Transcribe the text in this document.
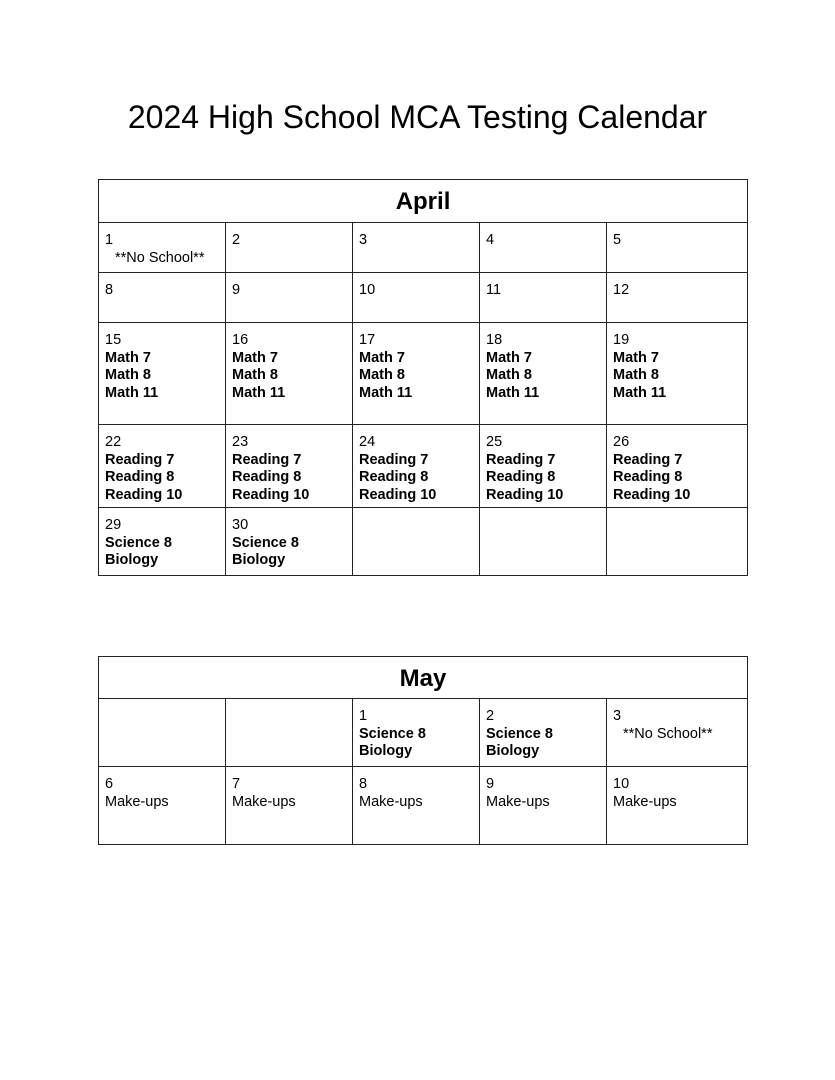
2024 High School MCA Testing Calendar
April				

1
**No School**	2	3	4	5

8	9	10	11	12

15
Math 7
Math 8
Math 11	16
Math 7
Math 8
Math 11	17
Math 7
Math 8
Math 11	18
Math 7
Math 8
Math 11	19
Math 7
Math 8
Math 11

22
Reading 7
Reading 8
Reading 10	23
Reading 7
Reading 8
Reading 10	24
Reading 7
Reading 8
Reading 10	25
Reading 7
Reading 8
Reading 10	26
Reading 7
Reading 8
Reading 10

29
Science 8
Biology	30
Science 8
Biology			

May				

		1
Science 8
Biology	2
Science 8
Biology	3
**No School**

6
Make-ups	7
Make-ups	8
Make-ups	9
Make-ups	10
Make-ups
